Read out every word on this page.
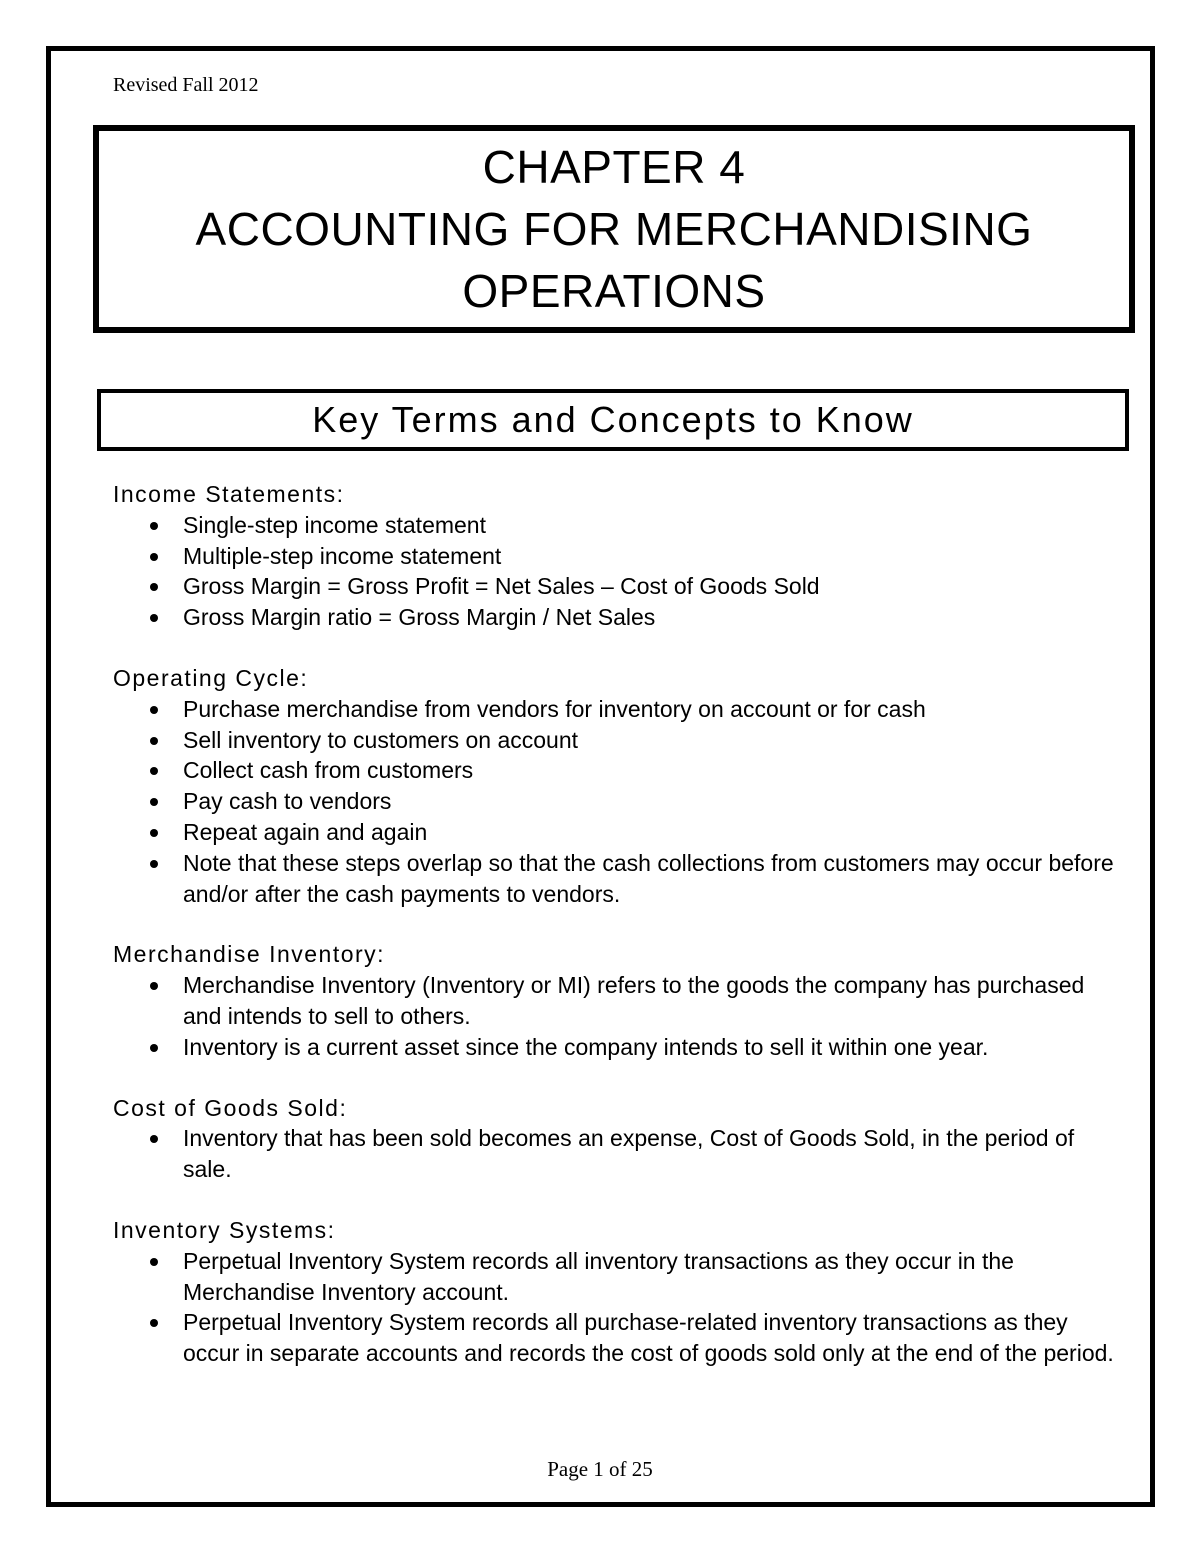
Revised Fall 2012
CHAPTER 4
ACCOUNTING FOR MERCHANDISING
OPERATIONS
Key Terms and Concepts to Know
Income Statements:
Single-step income statement
Multiple-step income statement
Gross Margin = Gross Profit = Net Sales – Cost of Goods Sold
Gross Margin ratio = Gross Margin / Net Sales
Operating Cycle:
Purchase merchandise from vendors for inventory on account or for cash
Sell inventory to customers on account
Collect cash from customers
Pay cash to vendors
Repeat again and again
Note that these steps overlap so that the cash collections from customers may occur before and/or after the cash payments to vendors.
Merchandise Inventory:
Merchandise Inventory (Inventory or MI) refers to the goods the company has purchased and intends to sell to others.
Inventory is a current asset since the company intends to sell it within one year.
Cost of Goods Sold:
Inventory that has been sold becomes an expense, Cost of Goods Sold, in the period of sale.
Inventory Systems:
Perpetual Inventory System records all inventory transactions as they occur in the Merchandise Inventory account.
Perpetual Inventory System records all purchase-related inventory transactions as they occur in separate accounts and records the cost of goods sold only at the end of the period.
Page 1 of 25
